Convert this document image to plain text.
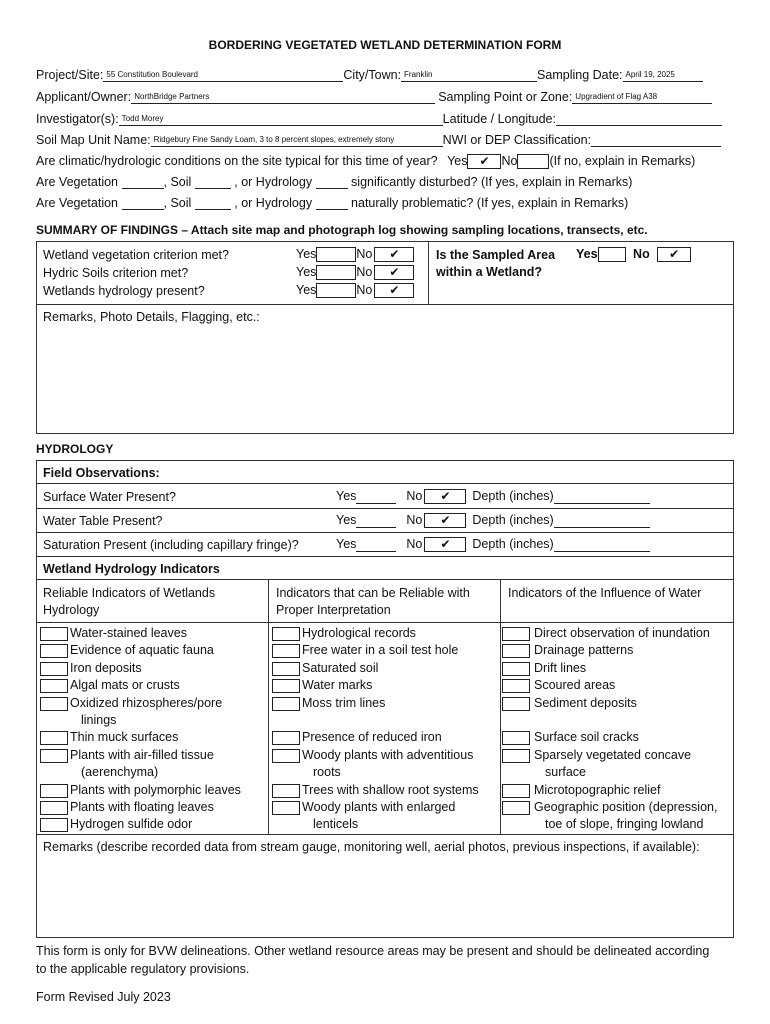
BORDERING VEGETATED WETLAND DETERMINATION FORM
Project/Site: 55 Constitution Boulevard	City/Town: Franklin	Sampling Date: April 19, 2025
Applicant/Owner: NorthBridge Partners	Sampling Point or Zone: Upgradient of Flag A38
Investigator(s): Todd Morey	Latitude / Longitude:
Soil Map Unit Name: Ridgebury Fine Sandy Loam, 3 to 8 percent slopes, extremely stony	NWI or DEP Classification:
Are climatic/hydrologic conditions on the site typical for this time of year? Yes ✔ No	(If no, explain in Remarks)
Are Vegetation	, Soil	, or Hydrology	significantly disturbed? (If yes, explain in Remarks)
Are Vegetation	, Soil	, or Hydrology	naturally problematic? (If yes, explain in Remarks)
SUMMARY OF FINDINGS – Attach site map and photograph log showing sampling locations, transects, etc.
Wetland vegetation criterion met?	Yes	No ✔
Hydric Soils criterion met?	Yes	No ✔
Wetlands hydrology present?	Yes	No ✔
Is the Sampled Area
within a Wetland?
Yes	No ✔
Remarks, Photo Details, Flagging, etc.:
HYDROLOGY
Field Observations:
Surface Water Present?	Yes	No ✔ Depth (inches)
Water Table Present?	Yes	No ✔ Depth (inches)
Saturation Present (including capillary fringe)?	Yes	No ✔ Depth (inches)
Wetland Hydrology Indicators
Reliable Indicators of Wetlands
Hydrology
Indicators that can be Reliable with
Proper Interpretation
Indicators of the Influence of Water
Water-stained leaves
Evidence of aquatic fauna
Iron deposits
Algal mats or crusts
Oxidized rhizospheres/pore
linings
Thin muck surfaces
Plants with air-filled tissue
(aerenchyma)
Plants with polymorphic leaves
Plants with floating leaves
Hydrogen sulfide odor
Hydrological records
Free water in a soil test hole
Saturated soil
Water marks
Moss trim lines
Presence of reduced iron
Woody plants with adventitious
roots
Trees with shallow root systems
Woody plants with enlarged
lenticels
Direct observation of inundation
Drainage patterns
Drift lines
Scoured areas
Sediment deposits
Surface soil cracks
Sparsely vegetated concave
surface
Microtopographic relief
Geographic position (depression,
toe of slope, fringing lowland
Remarks (describe recorded data from stream gauge, monitoring well, aerial photos, previous inspections, if available):
This form is only for BVW delineations. Other wetland resource areas may be present and should be delineated according
to the applicable regulatory provisions.
Form Revised July 2023
